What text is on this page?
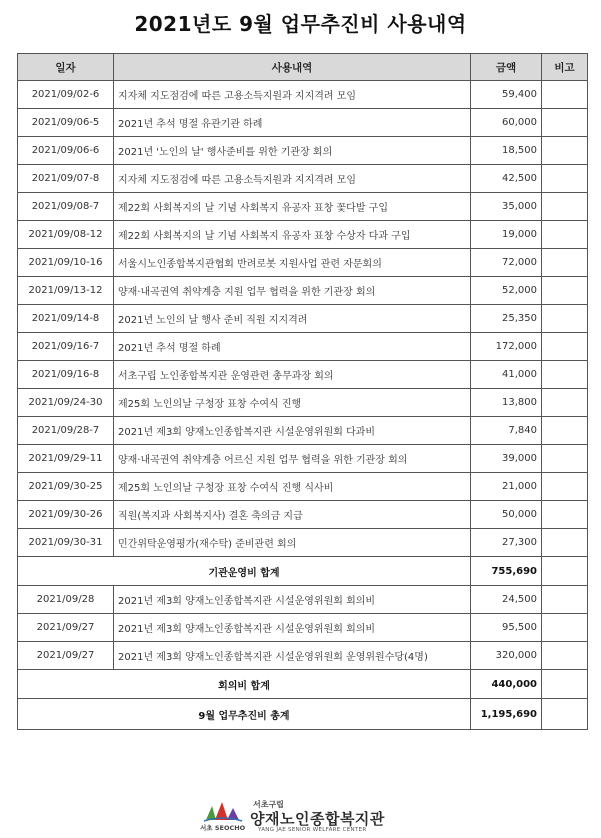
2021년도 9월 업무추진비 사용내역
일자	사용내역	금액	비고
2021/09/02-6	지자체 지도점검에 따른 고용소득지원과 지지격려 모임	59,400	
2021/09/06-5	2021년 추석 명절 유관기관 하례	60,000	
2021/09/06-6	2021년 '노인의 날' 행사준비를 위한 기관장 회의	18,500	
2021/09/07-8	지자체 지도점검에 따른 고용소득지원과 지지격려 모임	42,500	
2021/09/08-7	제22회 사회복지의 날 기념 사회복지 유공자 표창 꽃다발 구입	35,000	
2021/09/08-12	제22회 사회복지의 날 기념 사회복지 유공자 표창 수상자 다과 구입	19,000	
2021/09/10-16	서울시노인종합복지관협회 반려로봇 지원사업 관련 자문회의	72,000	
2021/09/13-12	양재·내곡권역 취약계층 지원 업무 협력을 위한 기관장 회의	52,000	
2021/09/14-8	2021년 노인의 날 행사 준비 직원 지지격려	25,350	
2021/09/16-7	2021년 추석 명절 하례	172,000	
2021/09/16-8	서초구립 노인종합복지관 운영관련 총무과장 회의	41,000	
2021/09/24-30	제25회 노인의날 구청장 표창 수여식 진행	13,800	
2021/09/28-7	2021년 제3회 양재노인종합복지관 시설운영위원회 다과비	7,840	
2021/09/29-11	양재·내곡권역 취약계층 어르신 지원 업무 협력을 위한 기관장 회의	39,000	
2021/09/30-25	제25회 노인의날 구청장 표창 수여식 진행 식사비	21,000	
2021/09/30-26	직원(복지과 사회복지사) 결혼 축의금 지급	50,000	
2021/09/30-31	민간위탁운영평가(재수탁) 준비관련 회의	27,300	
기관운영비 합계		755,690	
2021/09/28	2021년 제3회 양재노인종합복지관 시설운영위원회 회의비	24,500	
2021/09/27	2021년 제3회 양재노인종합복지관 시설운영위원회 회의비	95,500	
2021/09/27	2021년 제3회 양재노인종합복지관 시설운영위원회 운영위원수당(4명)	320,000	
회의비 합계		440,000	
9월 업무추진비 총계		1,195,690	
서초 SEOCHO
서초구립
양재노인종합복지관
YANG JAE SENIOR WELFARE CENTER
